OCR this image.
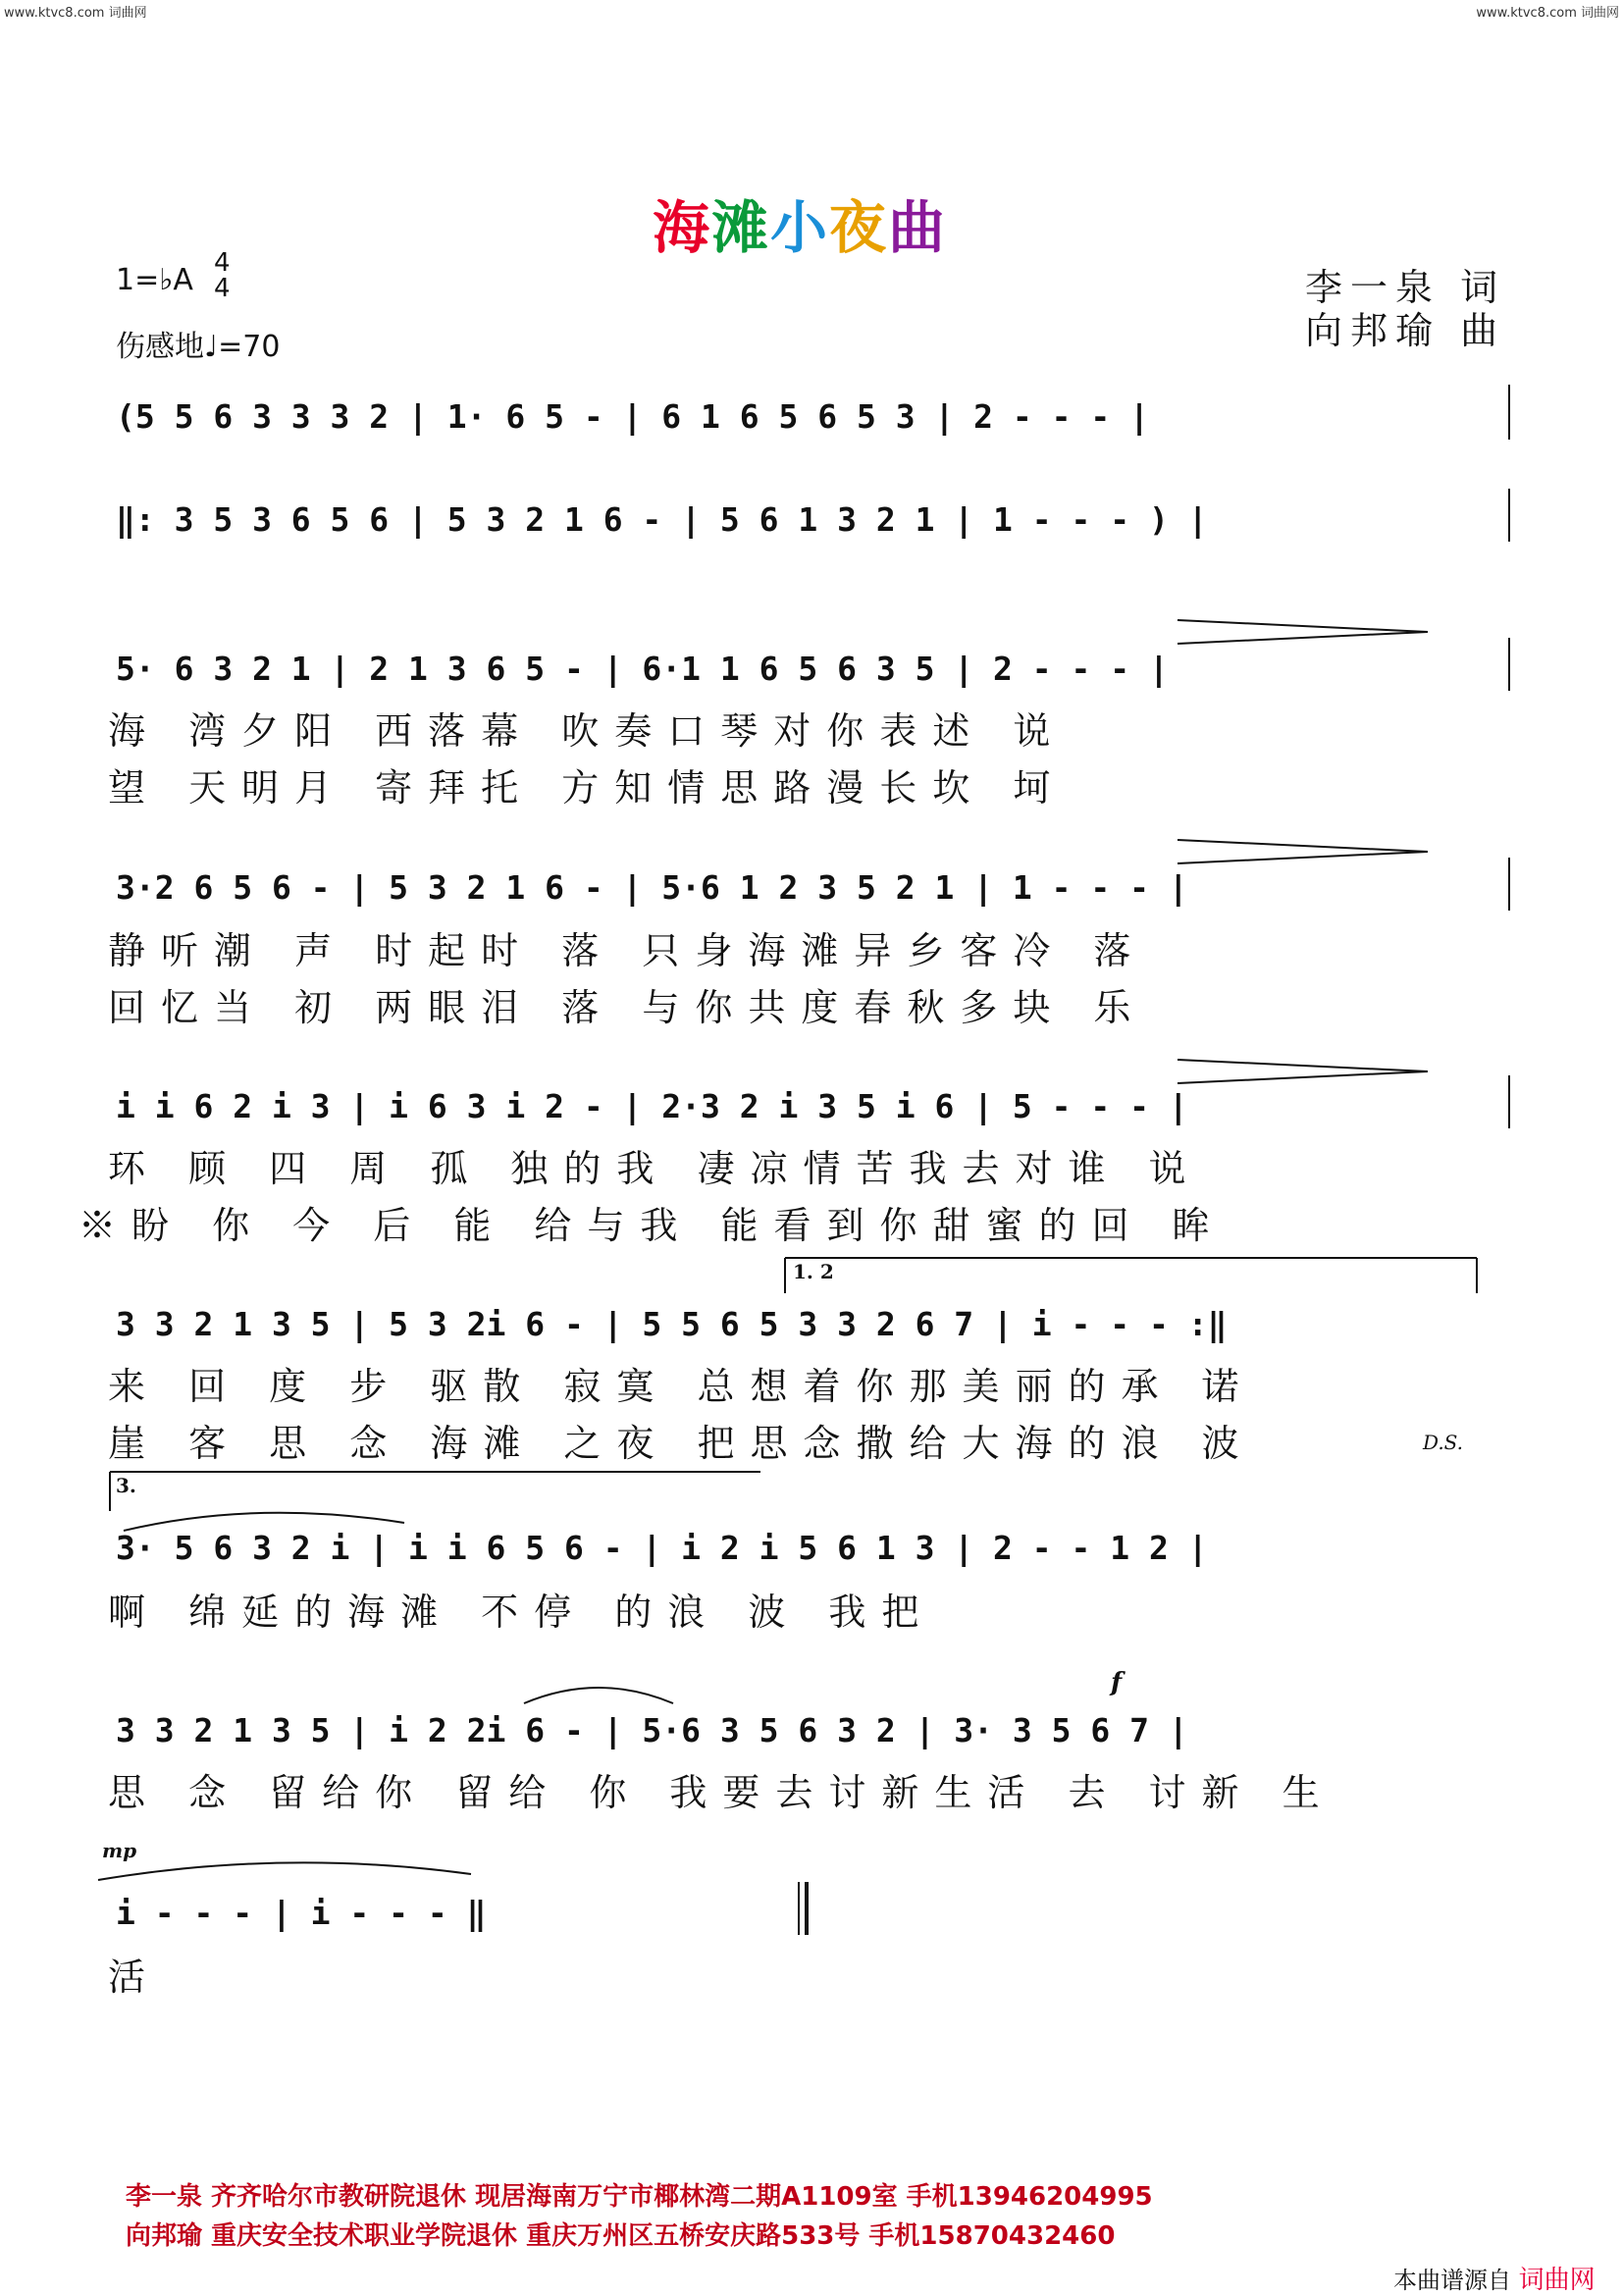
www.ktvc8.com 词曲网	www.ktvc8.com 词曲网
海滩小夜曲
1=♭A 4
4
伤感地♩=70
李一泉 词
向邦瑜 曲
(5 5 6 3 3 3 2 | 1· 6 5 - | 6 1 6 5 6 5 3 | 2 - - - |
‖: 3 5 3 6 5 6 | 5 3 2 1 6 - | 5 6 1 3 2 1 | 1 - - - ) |
5· 6 3 2 1 | 2 1 3 6 5 - | 6·1 1 6 5 6 3 5 | 2 - - - |
海 湾夕阳 西落幕 吹奏口琴对你表述 说
望 天明月 寄拜托 方知情思路漫长坎 坷
3·2 6 5 6 - | 5 3 2 1 6 - | 5·6 1 2 3 5 2 1 | 1 - - - |
静听潮 声 时起时 落 只身海滩异乡客冷 落
回忆当 初 两眼泪 落 与你共度春秋多块 乐
i i 6 2 i 3 | i 6 3 i 2 - | 2·3 2 i 3 5 i 6 | 5 - - - |
环 顾 四 周 孤 独的我 凄凉情苦我去对谁 说
※盼 你 今 后 能 给与我 能看到你甜蜜的回 眸
1. 2
3 3 2 1 3 5 | 5 3 2i 6 - | 5 5 6 5 3 3 2 6 7 | i - - - :‖
来 回 度 步 驱散 寂寞 总想着你那美丽的承 诺
崖 客 思 念 海滩 之夜 把思念撒给大海的浪 波	D.S.
3.
3· 5 6 3 2 i | i i 6 5 6 - | i 2 i 5 6 1 3 | 2 - - 1 2 |
啊 绵延的海滩 不停 的浪 波 我把
f
3 3 2 1 3 5 | i 2 2i 6 - | 5·6 3 5 6 3 2 | 3· 3 5 6 7 |
思 念 留给你 留给 你 我要去讨新生活 去 讨新 生
mp
i - - - | i - - - ‖
活
李一泉 齐齐哈尔市教研院退休 现居海南万宁市椰林湾二期A1109室 手机13946204995
向邦瑜 重庆安全技术职业学院退休 重庆万州区五桥安庆路533号 手机15870432460
本曲谱源自 词曲网
